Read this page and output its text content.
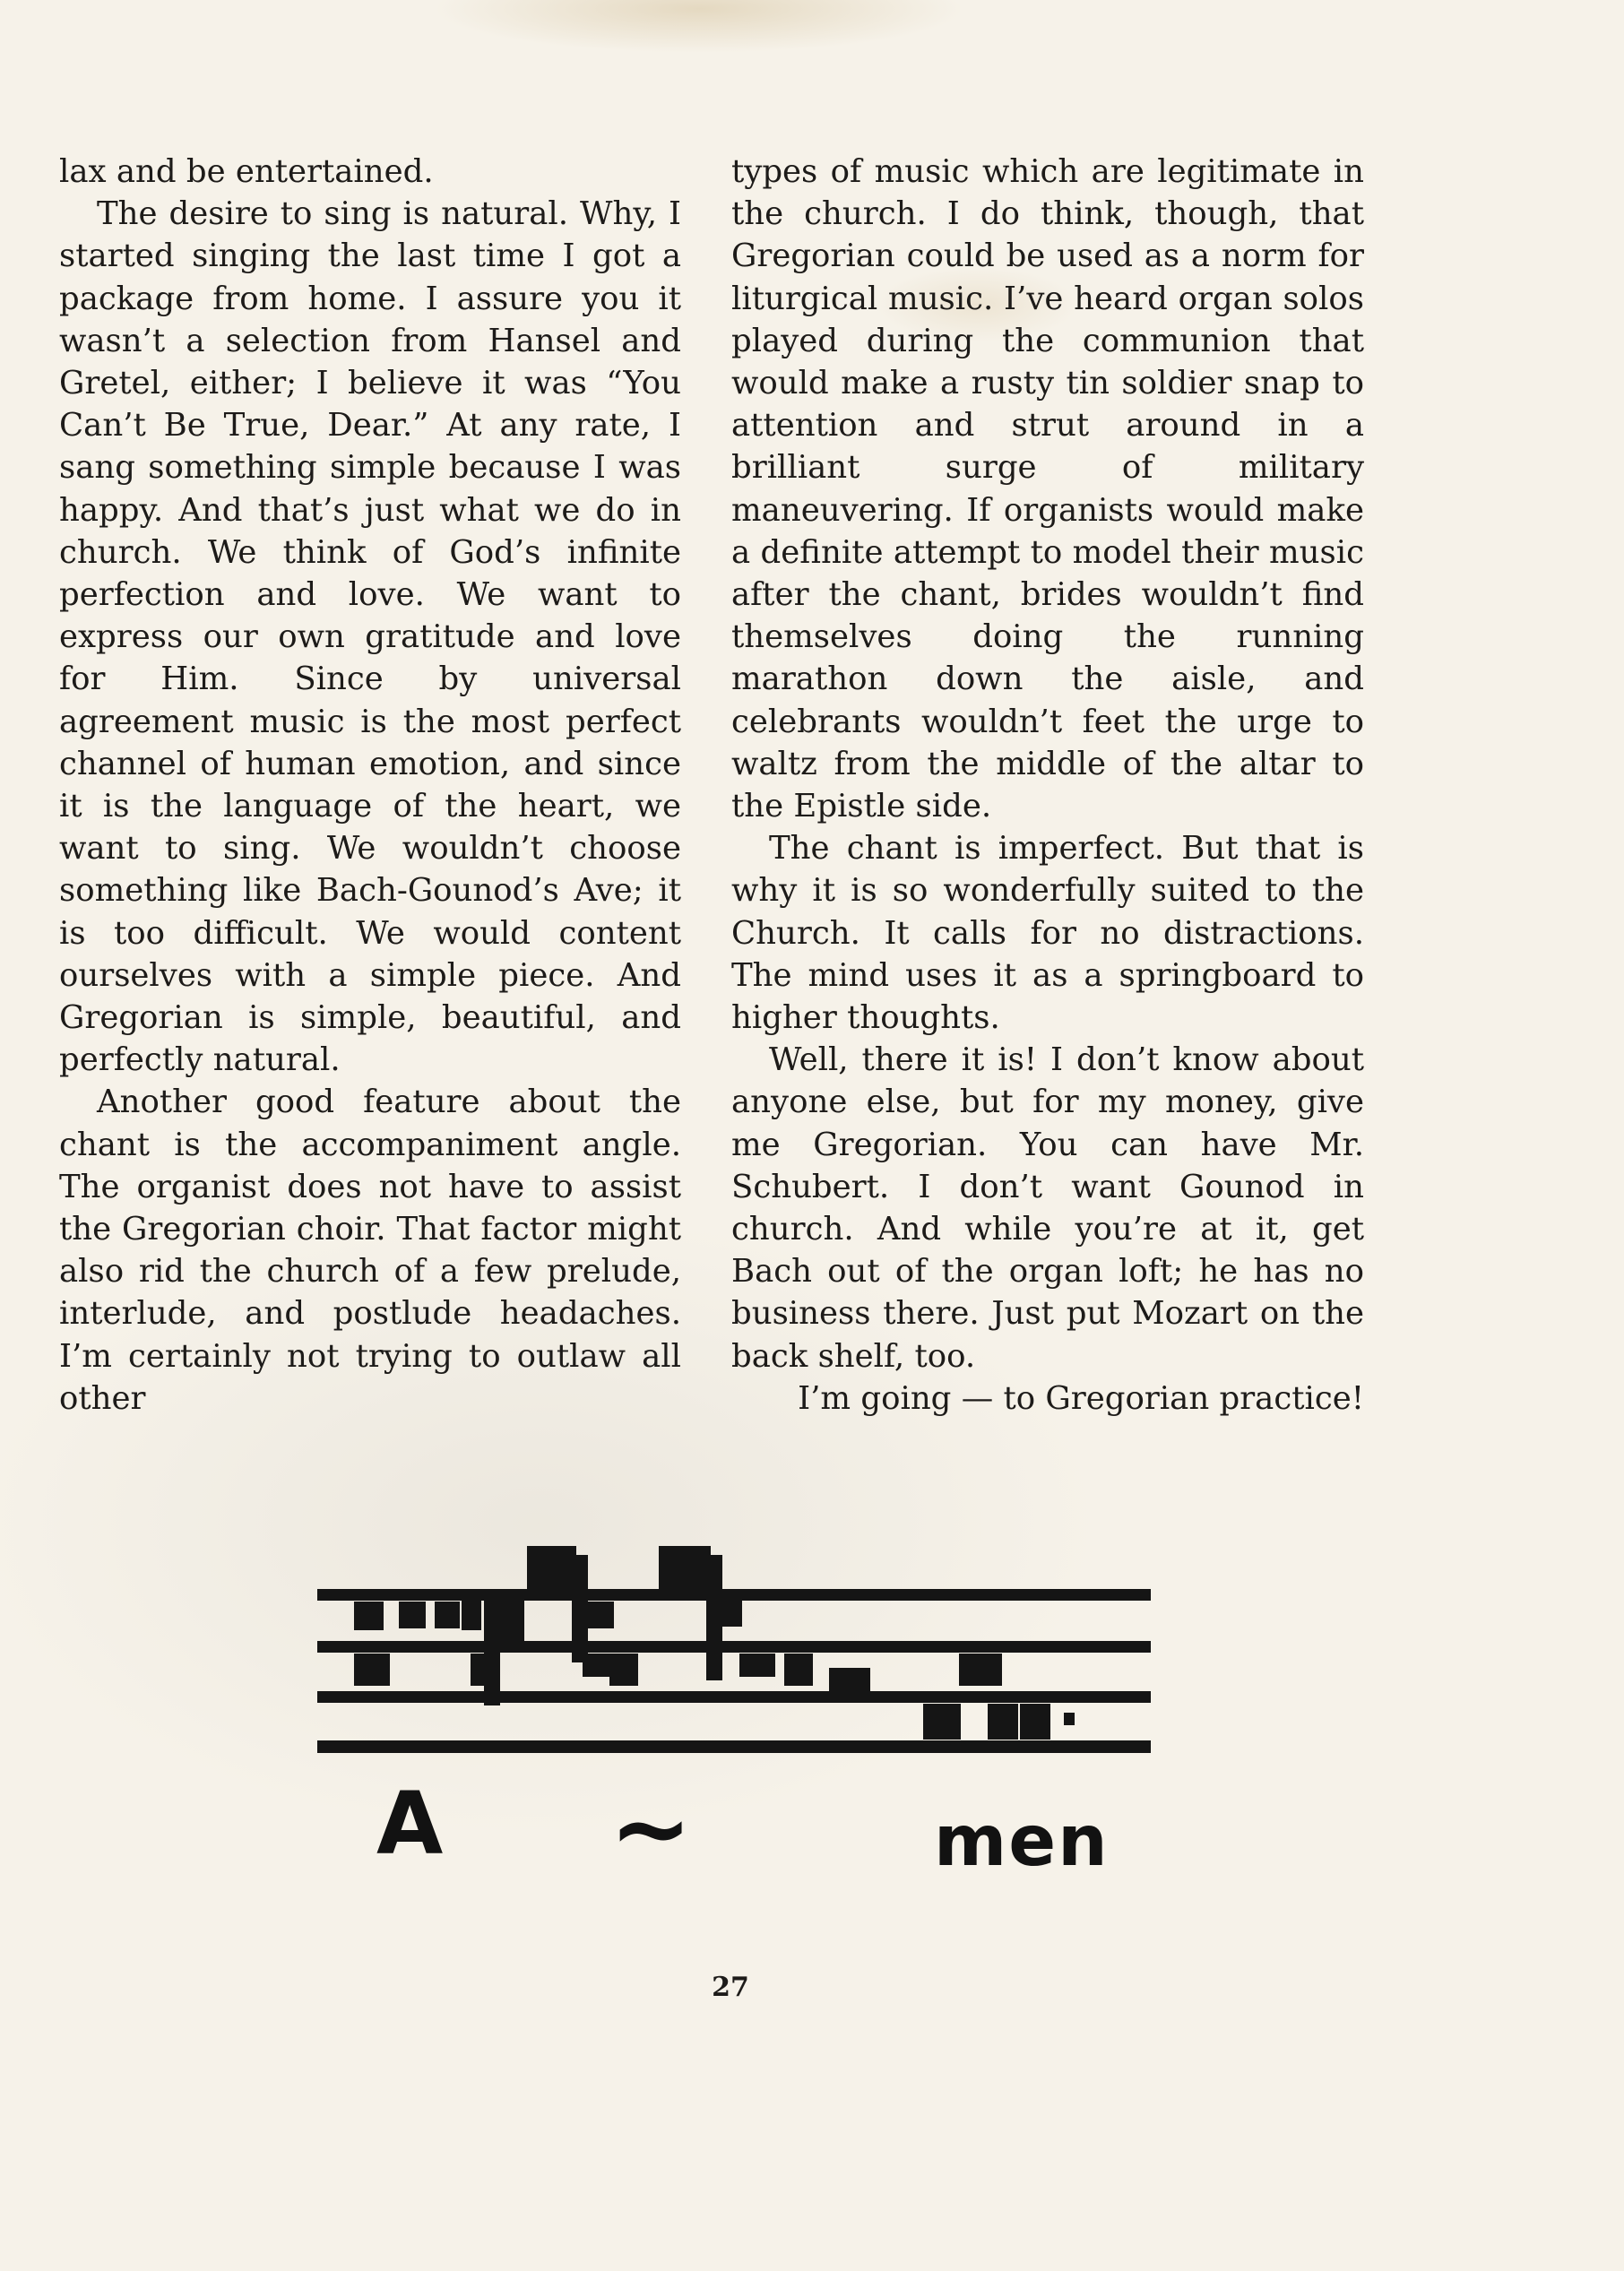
lax and be entertained.

The desire to sing is natural. Why, I started singing the last time I got a package from home. I assure you it wasn’t a selection from Hansel and Gretel, either; I believe it was “You Can’t Be True, Dear.” At any rate, I sang something simple because I was happy. And that’s just what we do in church. We think of God’s infinite perfection and love. We want to express our own gratitude and love for Him. Since by universal agreement music is the most perfect channel of human emotion, and since it is the language of the heart, we want to sing. We wouldn’t choose something like Bach-Gounod’s Ave; it is too difficult. We would content ourselves with a simple piece. And Gregorian is simple, beautiful, and perfectly natural.

Another good feature about the chant is the accompaniment angle. The organist does not have to assist the Gregorian choir. That factor might also rid the church of a few prelude, interlude, and postlude headaches. I’m certainly not trying to outlaw all other

types of music which are legitimate in the church. I do think, though, that Gregorian could be used as a norm for liturgical music. I’ve heard organ solos played during the communion that would make a rusty tin soldier snap to attention and strut around in a brilliant surge of military maneuvering. If organists would make a definite attempt to model their music after the chant, brides wouldn’t find themselves doing the running marathon down the aisle, and celebrants wouldn’t feet the urge to waltz from the middle of the altar to the Epistle side.

The chant is imperfect. But that is why it is so wonderfully suited to the Church. It calls for no distractions. The mind uses it as a springboard to higher thoughts.

Well, there it is! I don’t know about anyone else, but for my money, give me Gregorian. You can have Mr. Schubert. I don’t want Gounod in church. And while you’re at it, get Bach out of the organ loft; he has no business there. Just put Mozart on the back shelf, too.

I’m going — to Gregorian practice!

A ~	men
27
